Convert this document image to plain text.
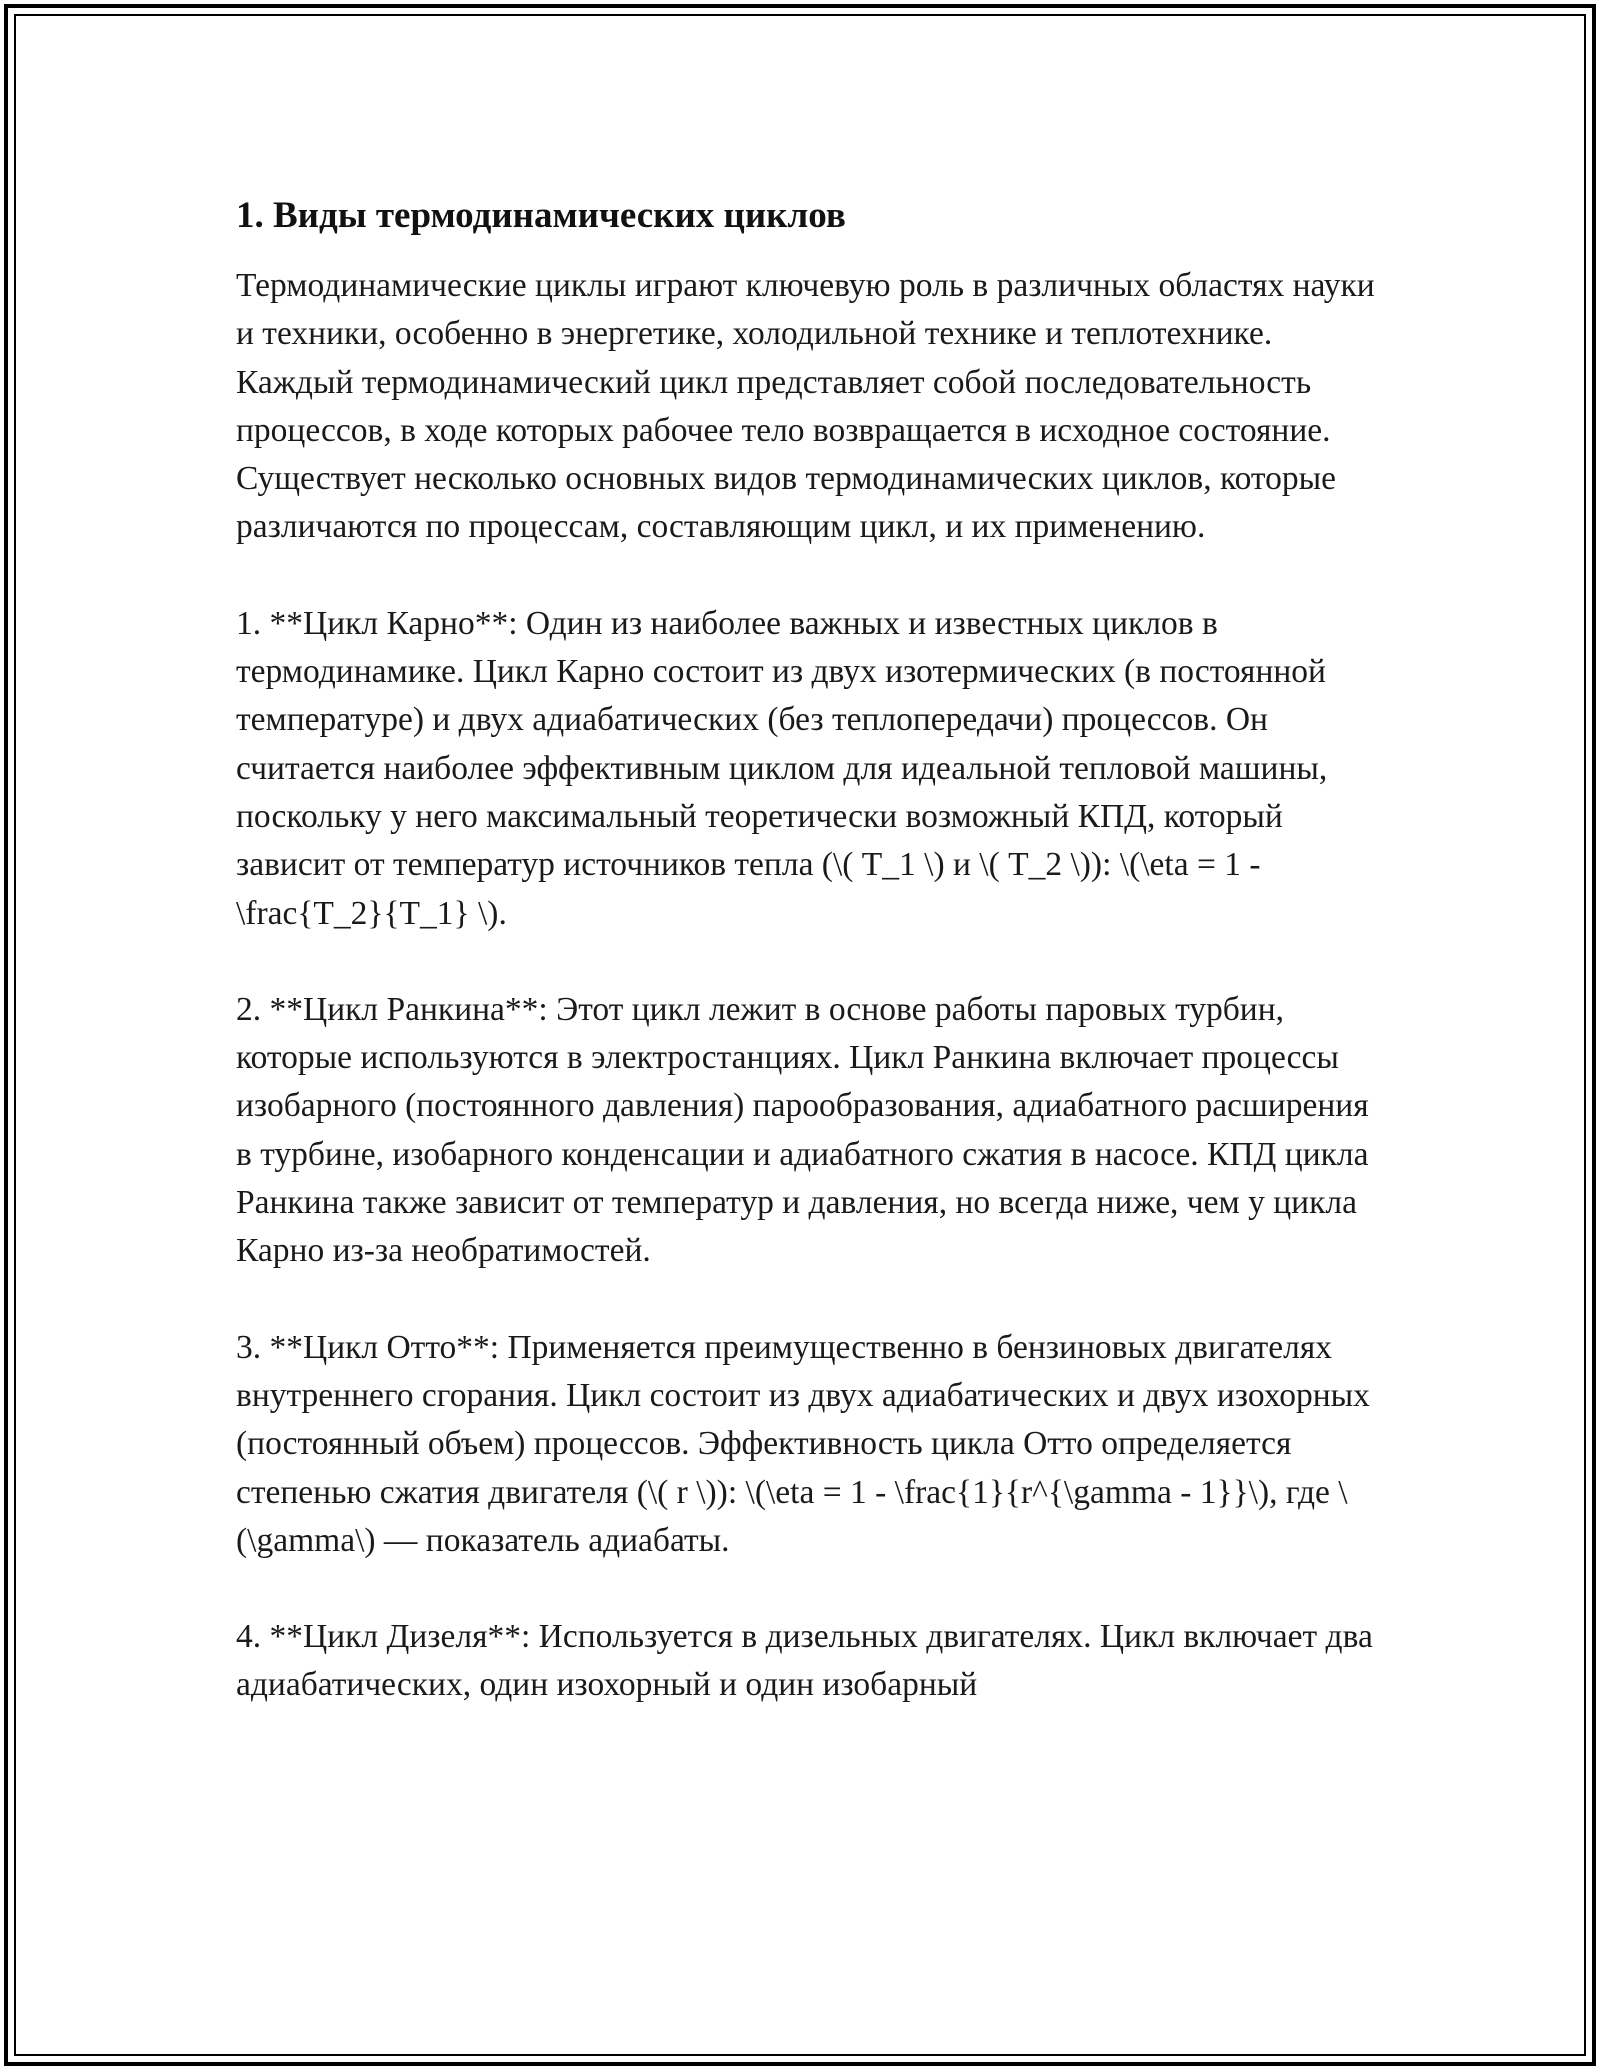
1. Виды термодинамических циклов

Термодинамические циклы играют ключевую роль в различных областях науки и техники, особенно в энергетике, холодильной технике и теплотехнике. Каждый термодинамический цикл представляет собой последовательность процессов, в ходе которых рабочее тело возвращается в исходное состояние. Существует несколько основных видов термодинамических циклов, которые различаются по процессам, составляющим цикл, и их применению.

1. **Цикл Карно**: Один из наиболее важных и известных циклов в термодинамике. Цикл Карно состоит из двух изотермических (в постоянной температуре) и двух адиабатических (без теплопередачи) процессов. Он считается наиболее эффективным циклом для идеальной тепловой машины, поскольку у него максимальный теоретически возможный КПД, который зависит от температур источников тепла (\( T_1 \) и \( T_2 \)): \(\eta = 1 - \frac{T_2}{T_1} \).

2. **Цикл Ранкина**: Этот цикл лежит в основе работы паровых турбин, которые используются в электростанциях. Цикл Ранкина включает процессы изобарного (постоянного давления) парообразования, адиабатного расширения в турбине, изобарного конденсации и адиабатного сжатия в насосе. КПД цикла Ранкина также зависит от температур и давления, но всегда ниже, чем у цикла Карно из-за необратимостей.

3. **Цикл Отто**: Применяется преимущественно в бензиновых двигателях внутреннего сгорания. Цикл состоит из двух адиабатических и двух изохорных (постоянный объем) процессов. Эффективность цикла Отто определяется степенью сжатия двигателя (\( r \)): \(\eta = 1 - \frac{1}{r^{\gamma - 1}}\), где \(\gamma\) — показатель адиабаты.

4. **Цикл Дизеля**: Используется в дизельных двигателях. Цикл включает два адиабатических, один изохорный и один изобарный
